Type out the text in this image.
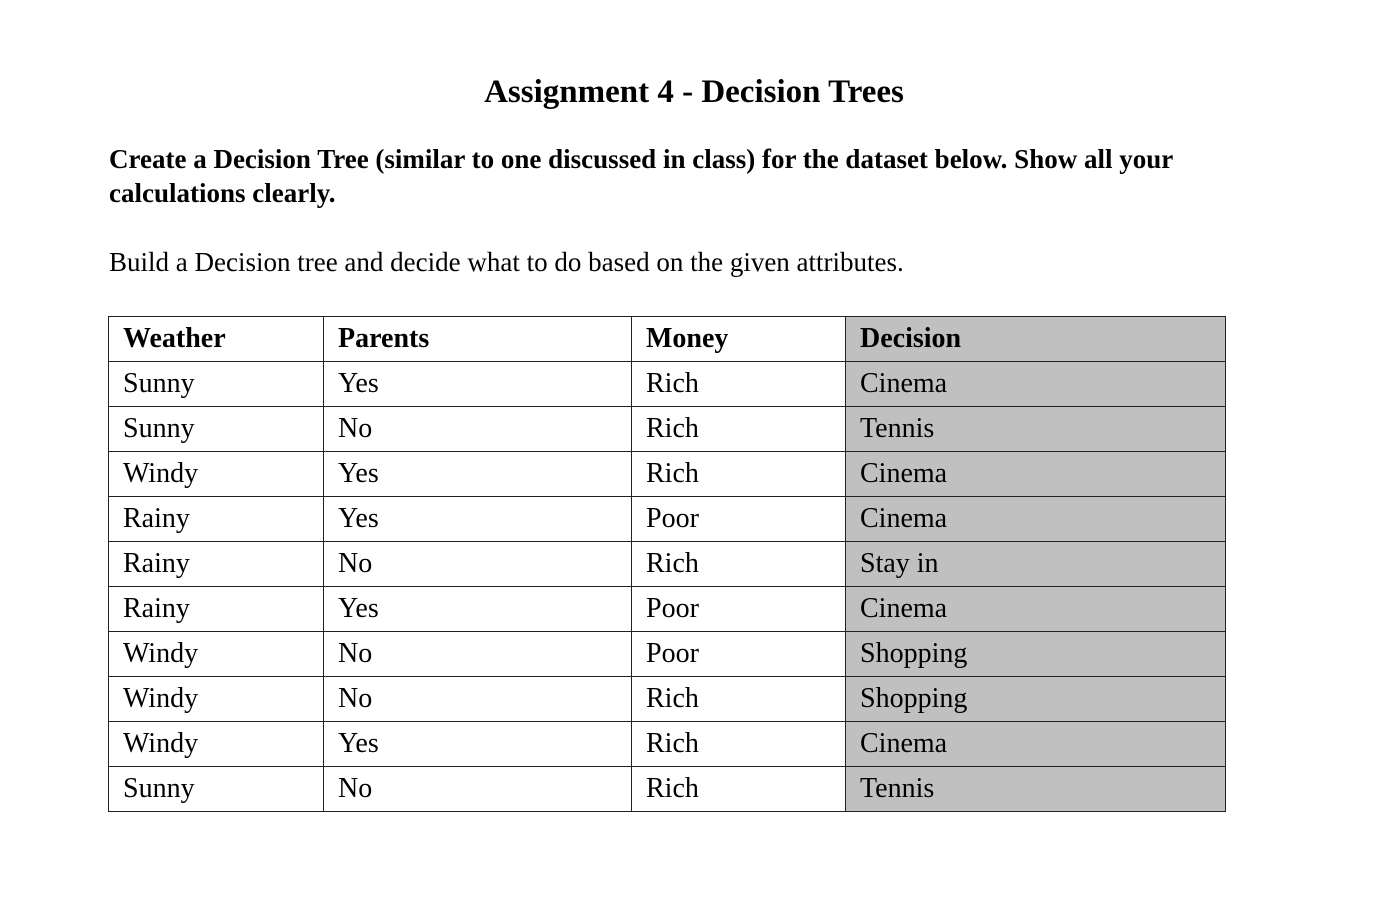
Assignment 4 - Decision Trees

Create a Decision Tree (similar to one discussed in class) for the dataset below. Show all your calculations clearly.

Build a Decision tree and decide what to do based on the given attributes.

Weather	Parents	Money	Decision
Sunny	Yes	Rich	Cinema
Sunny	No	Rich	Tennis
Windy	Yes	Rich	Cinema
Rainy	Yes	Poor	Cinema
Rainy	No	Rich	Stay in
Rainy	Yes	Poor	Cinema
Windy	No	Poor	Shopping
Windy	No	Rich	Shopping
Windy	Yes	Rich	Cinema
Sunny	No	Rich	Tennis
